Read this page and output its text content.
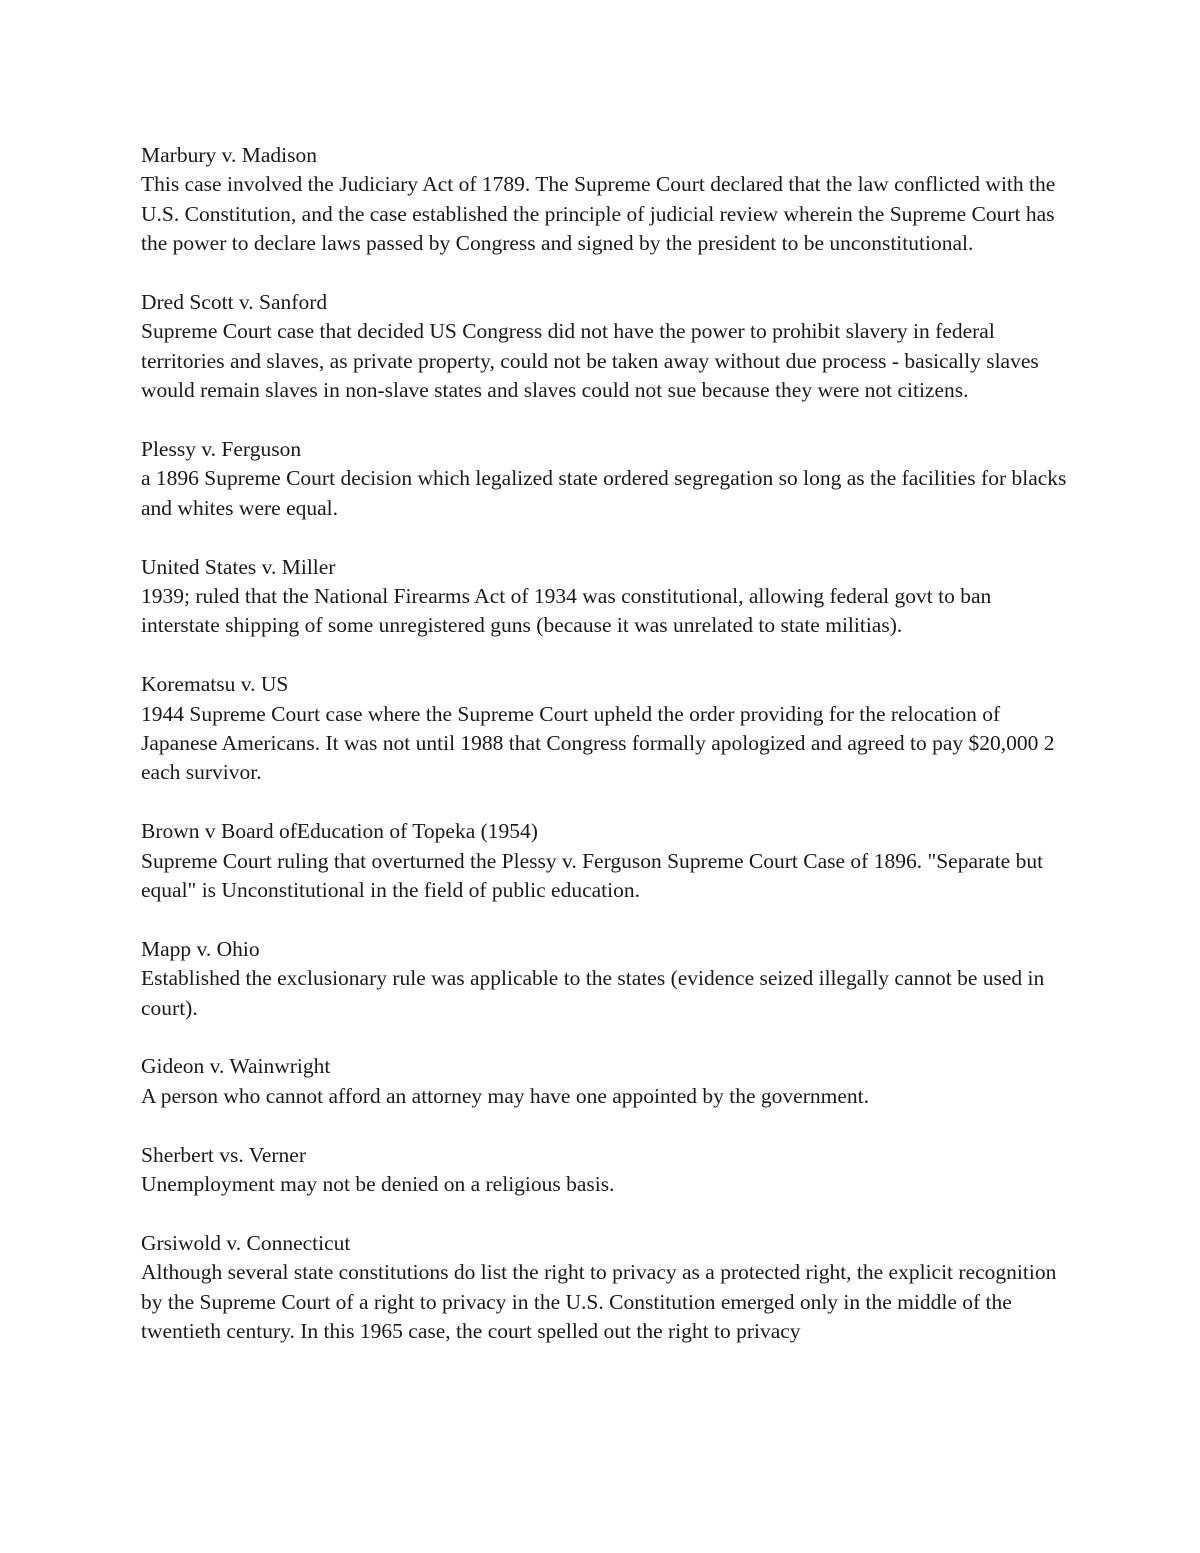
Marbury v. Madison

This case involved the Judiciary Act of 1789. The Supreme Court declared that the law conflicted with the U.S. Constitution, and the case established the principle of judicial review wherein the Supreme Court has the power to declare laws passed by Congress and signed by the president to be unconstitutional.

Dred Scott v. Sanford

Supreme Court case that decided US Congress did not have the power to prohibit slavery in federal territories and slaves, as private property, could not be taken away without due process - basically slaves would remain slaves in non-slave states and slaves could not sue because they were not citizens.

Plessy v. Ferguson

a 1896 Supreme Court decision which legalized state ordered segregation so long as the facilities for blacks and whites were equal.

United States v. Miller

1939; ruled that the National Firearms Act of 1934 was constitutional, allowing federal govt to ban interstate shipping of some unregistered guns (because it was unrelated to state militias).

Korematsu v. US

1944 Supreme Court case where the Supreme Court upheld the order providing for the relocation of Japanese Americans. It was not until 1988 that Congress formally apologized and agreed to pay $20,000 2 each survivor.

Brown v Board ofEducation of Topeka (1954)

Supreme Court ruling that overturned the Plessy v. Ferguson Supreme Court Case of 1896. "Separate but equal" is Unconstitutional in the field of public education.

Mapp v. Ohio

Established the exclusionary rule was applicable to the states (evidence seized illegally cannot be used in court).

Gideon v. Wainwright

A person who cannot afford an attorney may have one appointed by the government.

Sherbert vs. Verner

Unemployment may not be denied on a religious basis.

Grsiwold v. Connecticut

Although several state constitutions do list the right to privacy as a protected right, the explicit recognition by the Supreme Court of a right to privacy in the U.S. Constitution emerged only in the middle of the twentieth century. In this 1965 case, the court spelled out the right to privacy
